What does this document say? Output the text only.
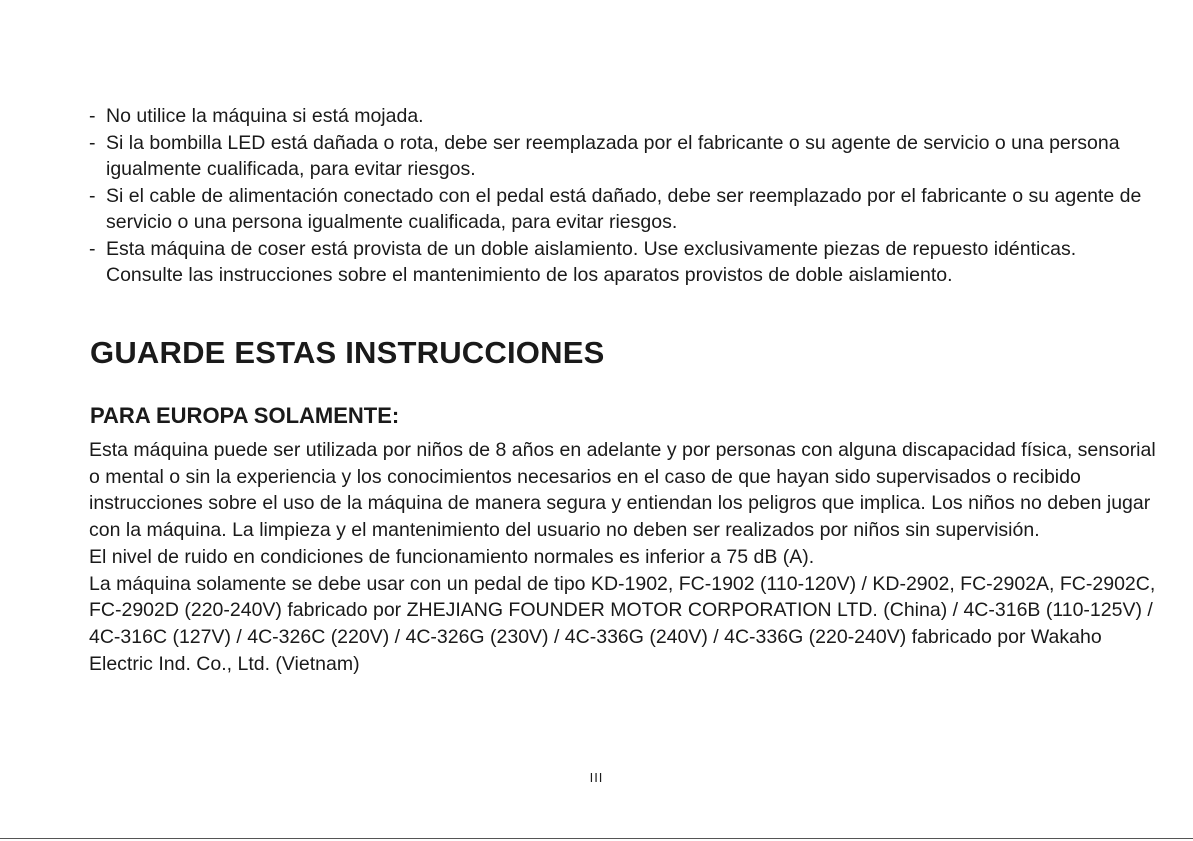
- No utilice la máquina si está mojada.
- Si la bombilla LED está dañada o rota, debe ser reemplazada por el fabricante o su agente de servicio o una persona igualmente cualificada, para evitar riesgos.
- Si el cable de alimentación conectado con el pedal está dañado, debe ser reemplazado por el fabricante o su agente de servicio o una persona igualmente cualificada, para evitar riesgos.
- Esta máquina de coser está provista de un doble aislamiento. Use exclusivamente piezas de repuesto idénticas. Consulte las instrucciones sobre el mantenimiento de los aparatos provistos de doble aislamiento.
GUARDE ESTAS INSTRUCCIONES
PARA EUROPA SOLAMENTE:

Esta máquina puede ser utilizada por niños de 8 años en adelante y por personas con alguna discapacidad física, sensorial o mental o sin la experiencia y los conocimientos necesarios en el caso de que hayan sido supervisados o recibido instrucciones sobre el uso de la máquina de manera segura y entiendan los peligros que implica. Los niños no deben jugar con la máquina. La limpieza y el mantenimiento del usuario no deben ser realizados por niños sin supervisión.

El nivel de ruido en condiciones de funcionamiento normales es inferior a 75 dB (A).

La máquina solamente se debe usar con un pedal de tipo KD-1902, FC-1902 (110-120V) / KD-2902, FC-2902A, FC-2902C, FC-2902D (220-240V) fabricado por ZHEJIANG FOUNDER MOTOR CORPORATION LTD. (China) / 4C-316B (110-125V) / 4C-316C (127V) / 4C-326C (220V) / 4C-326G (230V) / 4C-336G (240V) / 4C-336G (220-240V) fabricado por Wakaho Electric Ind. Co., Ltd. (Vietnam)

III
